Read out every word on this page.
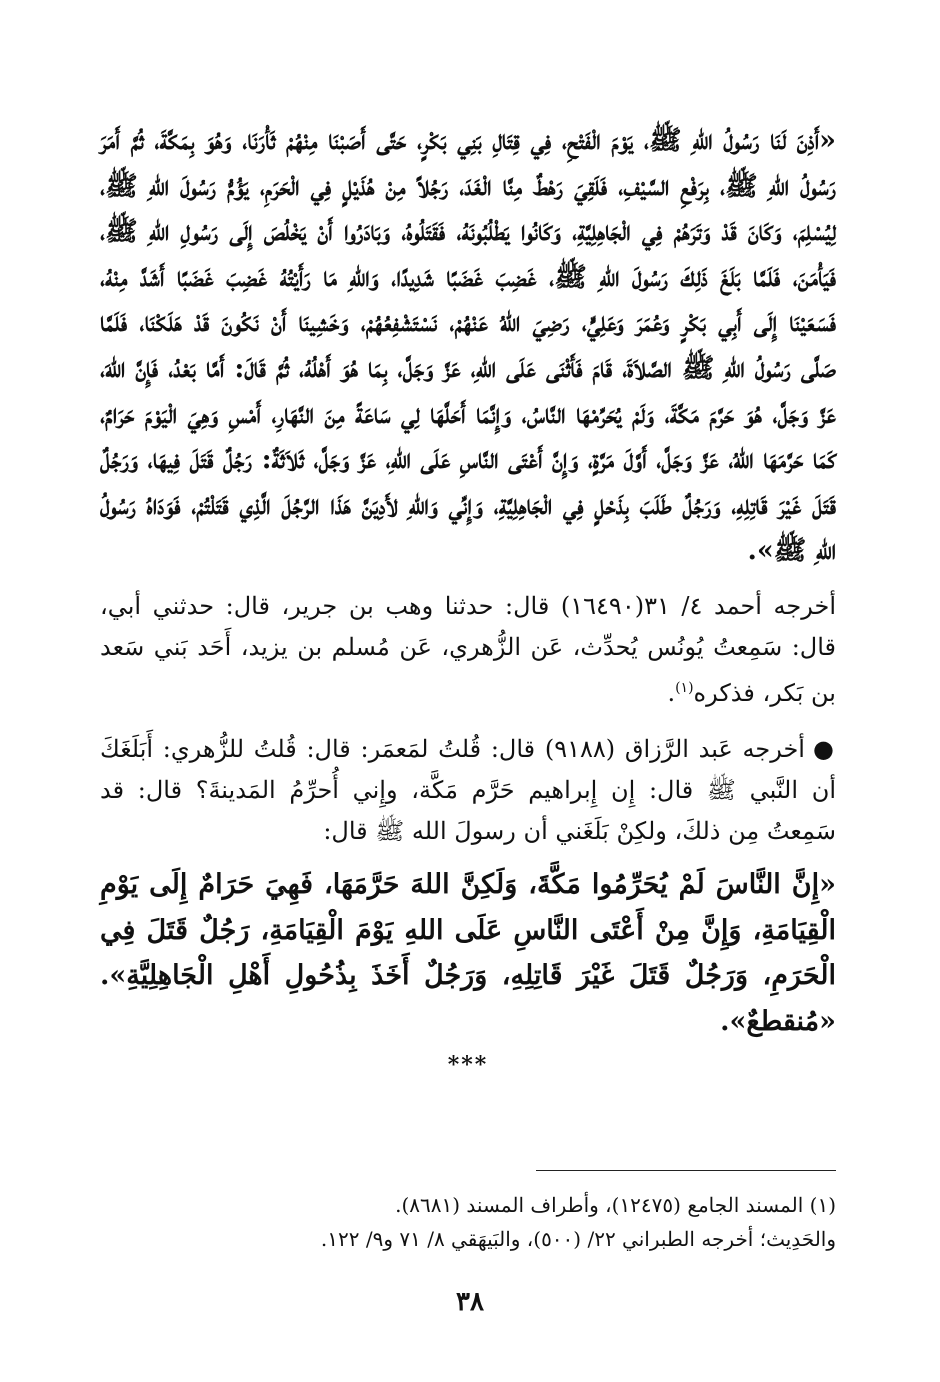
«أَذِنَ لَنَا رَسُولُ اللهِ ﷺ، يَوْمَ الْفَتْحِ، فِي قِتَالِ بَنِي بَكْرٍ، حَتَّى أَصَبْنَا مِنْهُمْ ثَأْرَنَا، وَهُوَ بِمَكَّةَ، ثُمَّ أَمَرَ رَسُولُ اللهِ ﷺ، بِرَفْعِ السَّيْفِ، فَلَقِيَ رَهْطٌ مِنَّا الْغَدَ، رَجُلاً مِنْ هُذَيْلٍ فِي الْحَرَمِ، يَؤُمُّ رَسُولَ اللهِ ﷺ، لِيُسْلِمَ، وَكَانَ قَدْ وَتَرَهُمْ فِي الْجَاهِلِيَّةِ، وَكَانُوا يَطْلُبُونَهُ، فَقَتَلُوهُ، وَبَادَرُوا أَنْ يَخْلُصَ إِلَى رَسُولِ اللهِ ﷺ، فَيَأْمَنَ، فَلَمَّا بَلَغَ ذَلِكَ رَسُولَ اللهِ ﷺ، غَضِبَ غَضَبًا شَدِيدًا، وَاللهِ مَا رَأَيْتُهُ غَضِبَ غَضَبًا أَشَدَّ مِنْهُ، فَسَعَيْنَا إِلَى أَبِي بَكْرٍ وَعُمَرَ وَعَلِيٍّ، رَضِيَ اللهُ عَنْهُمْ، نَسْتَشْفِعُهُمْ، وَخَشِينَا أَنْ نَكُونَ قَدْ هَلَكْنَا، فَلَمَّا صَلَّى رَسُولُ اللهِ ﷺ الصَّلاَةَ، قَامَ فَأَثْنَى عَلَى اللهِ، عَزَّ وَجَلَّ، بِمَا هُوَ أَهْلُهُ، ثُمَّ قَالَ: أَمَّا بَعْدُ، فَإِنَّ اللهَ، عَزَّ وَجَلَّ، هُوَ حَرَّمَ مَكَّةَ، وَلَمْ يُحَرِّمْهَا النَّاسُ، وَإِنَّمَا أَحَلَّهَا لِي سَاعَةً مِنَ النَّهَارِ، أَمْسِ وَهِيَ الْيَوْمَ حَرَامٌ، كَمَا حَرَّمَهَا اللهُ، عَزَّ وَجَلَّ، أَوَّلَ مَرَّةٍ، وَإِنَّ أَعْتَى النَّاسِ عَلَى اللهِ، عَزَّ وَجَلَّ، ثَلاَثَةٌ: رَجُلٌ قَتَلَ فِيهَا، وَرَجُلٌ قَتَلَ غَيْرَ قَاتِلِهِ، وَرَجُلٌ طَلَبَ بِذَحْلٍ فِي الْجَاهِلِيَّةِ، وَإِنِّي وَاللهِ لأَدِيَنَّ هَذَا الرَّجُلَ الَّذِي قَتَلْتُمْ، فَوَدَاهُ رَسُولُ اللهِ ﷺ».

أخرجه أحمد ٤/ ٣١(١٦٤٩٠) قال: حدثنا وهب بن جرير، قال: حدثني أبي، قال: سَمِعتُ يُونُس يُحدِّث، عَن الزُّهري، عَن مُسلم بن يزيد، أَحَد بَني سَعد بن بَكر، فذكره$^{(١)}$.

●أخرجه عَبد الرَّزاق (٩١٨٨) قال: قُلتُ لمَعمَر: قال: قُلتُ للزُّهري: أَبَلَغَكَ أن النَّبي ﷺ قال: إِن إِبراهيم حَرَّم مَكَّة، وإِني أُحرِّمُ المَدينةَ؟ قال: قد سَمِعتُ مِن ذلكَ، ولكِنْ بَلَغَني أن رسولَ الله ﷺ قال:

«إِنَّ النَّاسَ لَمْ يُحَرِّمُوا مَكَّةَ، وَلَكِنَّ اللهَ حَرَّمَهَا، فَهِيَ حَرَامٌ إِلَى يَوْمِ الْقِيَامَةِ، وَإِنَّ مِنْ أَعْتَى النَّاسِ عَلَى اللهِ يَوْمَ الْقِيَامَةِ، رَجُلٌ قَتَلَ فِي الْحَرَمِ، وَرَجُلٌ قَتَلَ غَيْرَ قَاتِلِهِ، وَرَجُلٌ أَخَذَ بِذُحُولِ أَهْلِ الْجَاهِلِيَّةِ». «مُنقطعٌ».

***

(١) المسند الجامع (١٢٤٧٥)، وأطراف المسند (٨٦٨١).

والحَدِيث؛ أخرجه الطبراني ٢٢/ (٥٠٠)، والبَيهَقي ٨/ ٧١ و٩/ ١٢٢.

٣٨
